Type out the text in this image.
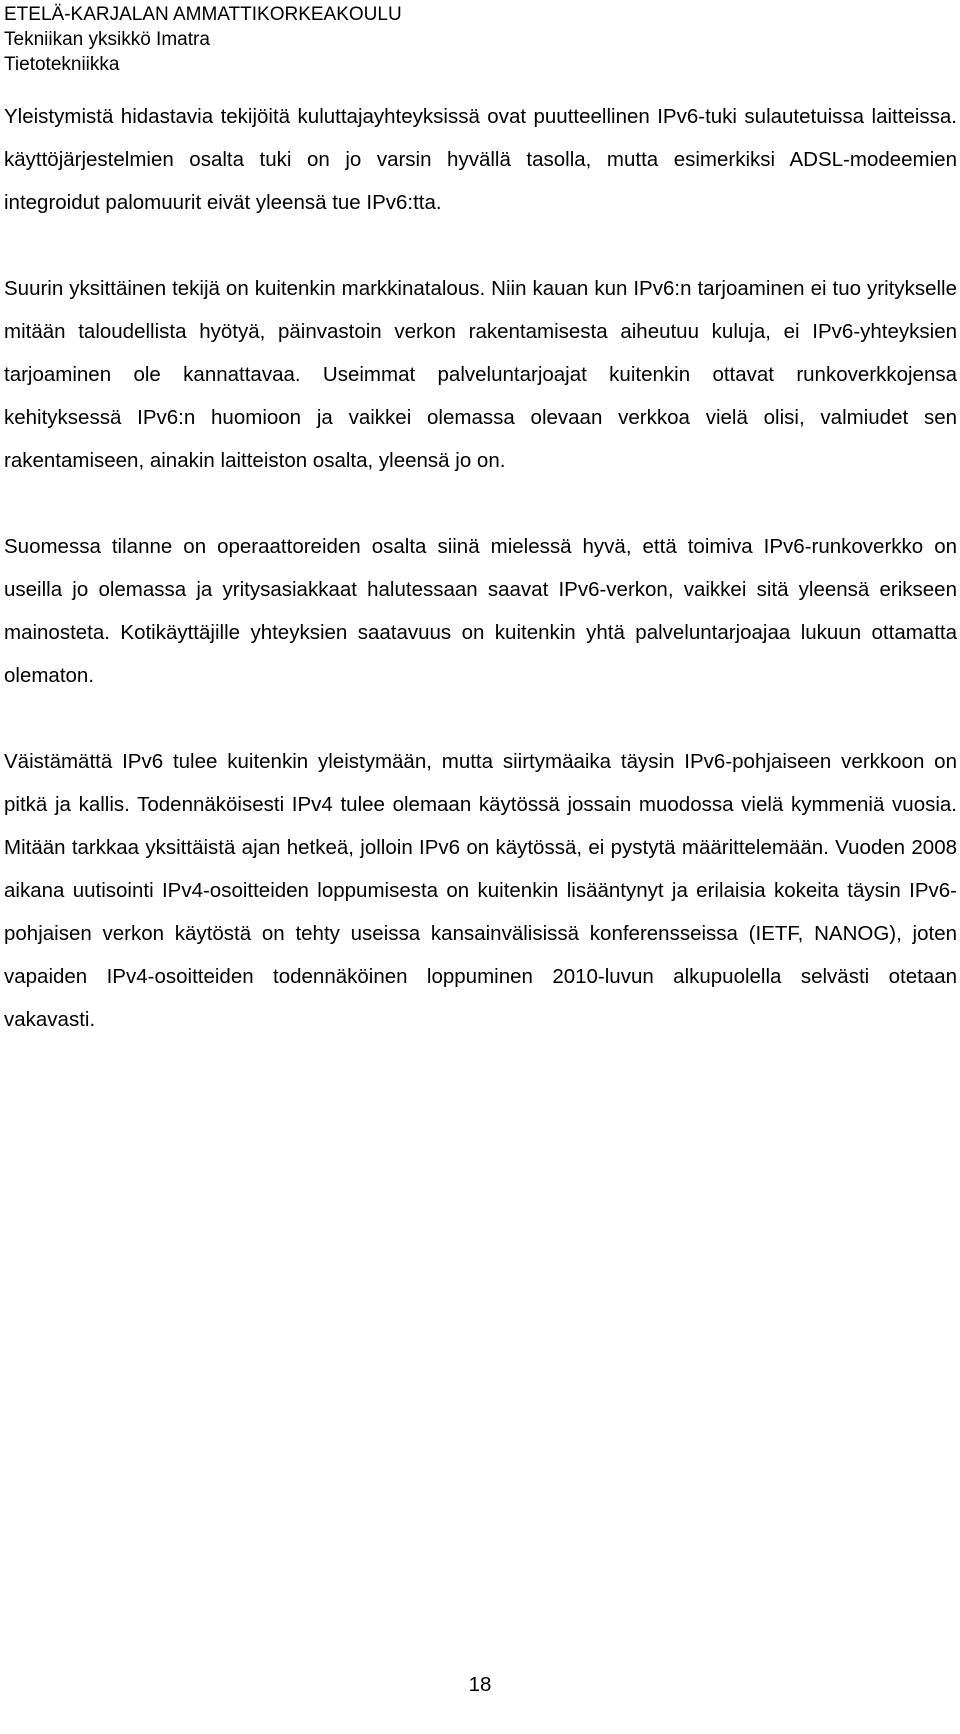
ETELÄ-KARJALAN AMMATTIKORKEAKOULU
Tekniikan yksikkö Imatra
Tietotekniikka

Yleistymistä hidastavia tekijöitä kuluttajayhteyksissä ovat puutteellinen IPv6-tuki sulautetuissa laitteissa. käyttöjärjestelmien osalta tuki on jo varsin hyvällä tasolla, mutta esimerkiksi ADSL-modeemien integroidut palomuurit eivät yleensä tue IPv6:tta.

Suurin yksittäinen tekijä on kuitenkin markkinatalous. Niin kauan kun IPv6:n tarjoaminen ei tuo yritykselle mitään taloudellista hyötyä, päinvastoin verkon rakentamisesta aiheutuu kuluja, ei IPv6-yhteyksien tarjoaminen ole kannattavaa. Useimmat palveluntarjoajat kuitenkin ottavat runkoverkkojensa kehityksessä IPv6:n huomioon ja vaikkei olemassa olevaan verkkoa vielä olisi, valmiudet sen rakentamiseen, ainakin laitteiston osalta, yleensä jo on.

Suomessa tilanne on operaattoreiden osalta siinä mielessä hyvä, että toimiva IPv6-runkoverkko on useilla jo olemassa ja yritysasiakkaat halutessaan saavat IPv6-verkon, vaikkei sitä yleensä erikseen mainosteta. Kotikäyttäjille yhteyksien saatavuus on kuitenkin yhtä palveluntarjoajaa lukuun ottamatta olematon.

Väistämättä IPv6 tulee kuitenkin yleistymään, mutta siirtymäaika täysin IPv6-pohjaiseen verkkoon on pitkä ja kallis. Todennäköisesti IPv4 tulee olemaan käytössä jossain muodossa vielä kymmeniä vuosia. Mitään tarkkaa yksittäistä ajan hetkeä, jolloin IPv6 on käytössä, ei pystytä määrittelemään. Vuoden 2008 aikana uutisointi IPv4-osoitteiden loppumisesta on kuitenkin lisääntynyt ja erilaisia kokeita täysin IPv6-pohjaisen verkon käytöstä on tehty useissa kansainvälisissä konferensseissa (IETF, NANOG), joten vapaiden IPv4-osoitteiden todennäköinen loppuminen 2010-luvun alkupuolella selvästi otetaan vakavasti.

18
